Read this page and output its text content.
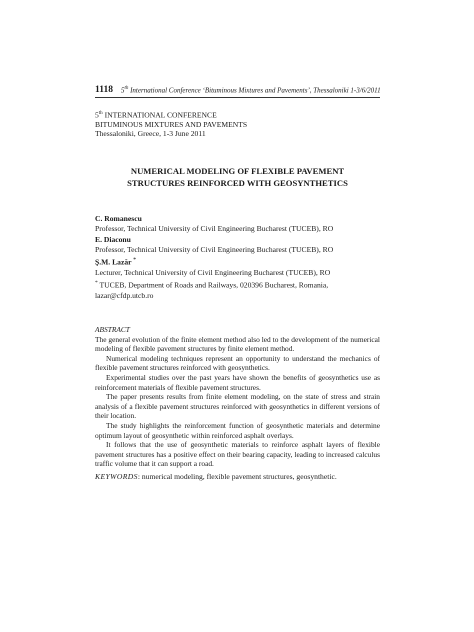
1118 5th International Conference ‘Bituminous Mixtures and Pavements’, Thessaloniki 1-3/6/2011
5th INTERNATIONAL CONFERENCE
BITUMINOUS MIXTURES AND PAVEMENTS
Thessaloniki, Greece, 1-3 June 2011
NUMERICAL MODELING OF FLEXIBLE PAVEMENT
STRUCTURES REINFORCED WITH GEOSYNTHETICS
C. Romanescu
Professor, Technical University of Civil Engineering Bucharest (TUCEB), RO
E. Diaconu
Professor, Technical University of Civil Engineering Bucharest (TUCEB), RO
Ş.M. Lazăr *
Lecturer, Technical University of Civil Engineering Bucharest (TUCEB), RO
* TUCEB, Department of Roads and Railways, 020396 Bucharest, Romania,
lazar@cfdp.utcb.ro
ABSTRACT
The general evolution of the finite element method also led to the development of the numerical modeling of flexible pavement structures by finite element method.
Numerical modeling techniques represent an opportunity to understand the mechanics of flexible pavement structures reinforced with geosynthetics.
Experimental studies over the past years have shown the benefits of geosynthetics use as reinforcement materials of flexible pavement structures.
The paper presents results from finite element modeling, on the state of stress and strain analysis of a flexible pavement structures reinforced with geosynthetics in different versions of their location.
The study highlights the reinforcement function of geosynthetic materials and determine optimum layout of geosynthetic within reinforced asphalt overlays.
It follows that the use of geosynthetic materials to reinforce asphalt layers of flexible pavement structures has a positive effect on their bearing capacity, leading to increased calculus traffic volume that it can support a road.
KEYWORDS: numerical modeling, flexible pavement structures, geosynthetic.
